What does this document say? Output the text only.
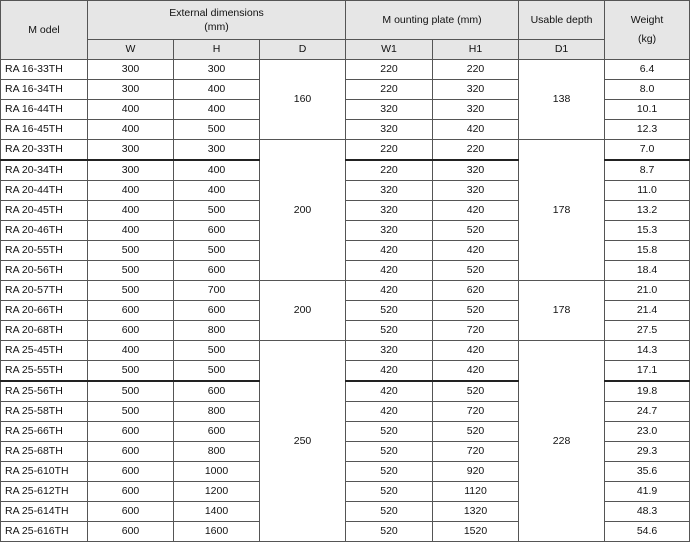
M odel	External dimensions
(mm)			M ounting plate (mm)		Usable depth	Weight
(kg)
	W	H	D	W1	H1	D1	
RA 16-33TH	300	300	160	220	220	138	6.4
RA 16-34TH	300	400		220	320		8.0
RA 16-44TH	400	400		320	320		10.1
RA 16-45TH	400	500		320	420		12.3
RA 20-33TH	300	300	200	220	220	178	7.0
RA 20-34TH	300	400		220	320		8.7
RA 20-44TH	400	400		320	320		11.0
RA 20-45TH	400	500		320	420		13.2
RA 20-46TH	400	600		320	520		15.3
RA 20-55TH	500	500		420	420		15.8
RA 20-56TH	500	600		420	520		18.4
RA 20-57TH	500	700	200	420	620	178	21.0
RA 20-66TH	600	600		520	520		21.4
RA 20-68TH	600	800		520	720		27.5
RA 25-45TH	400	500	250	320	420	228	14.3
RA 25-55TH	500	500		420	420		17.1
RA 25-56TH	500	600		420	520		19.8
RA 25-58TH	500	800		420	720		24.7
RA 25-66TH	600	600		520	520		23.0
RA 25-68TH	600	800		520	720		29.3
RA 25-610TH	600	1000		520	920		35.6
RA 25-612TH	600	1200		520	1120		41.9
RA 25-614TH	600	1400		520	1320		48.3
RA 25-616TH	600	1600		520	1520		54.6
